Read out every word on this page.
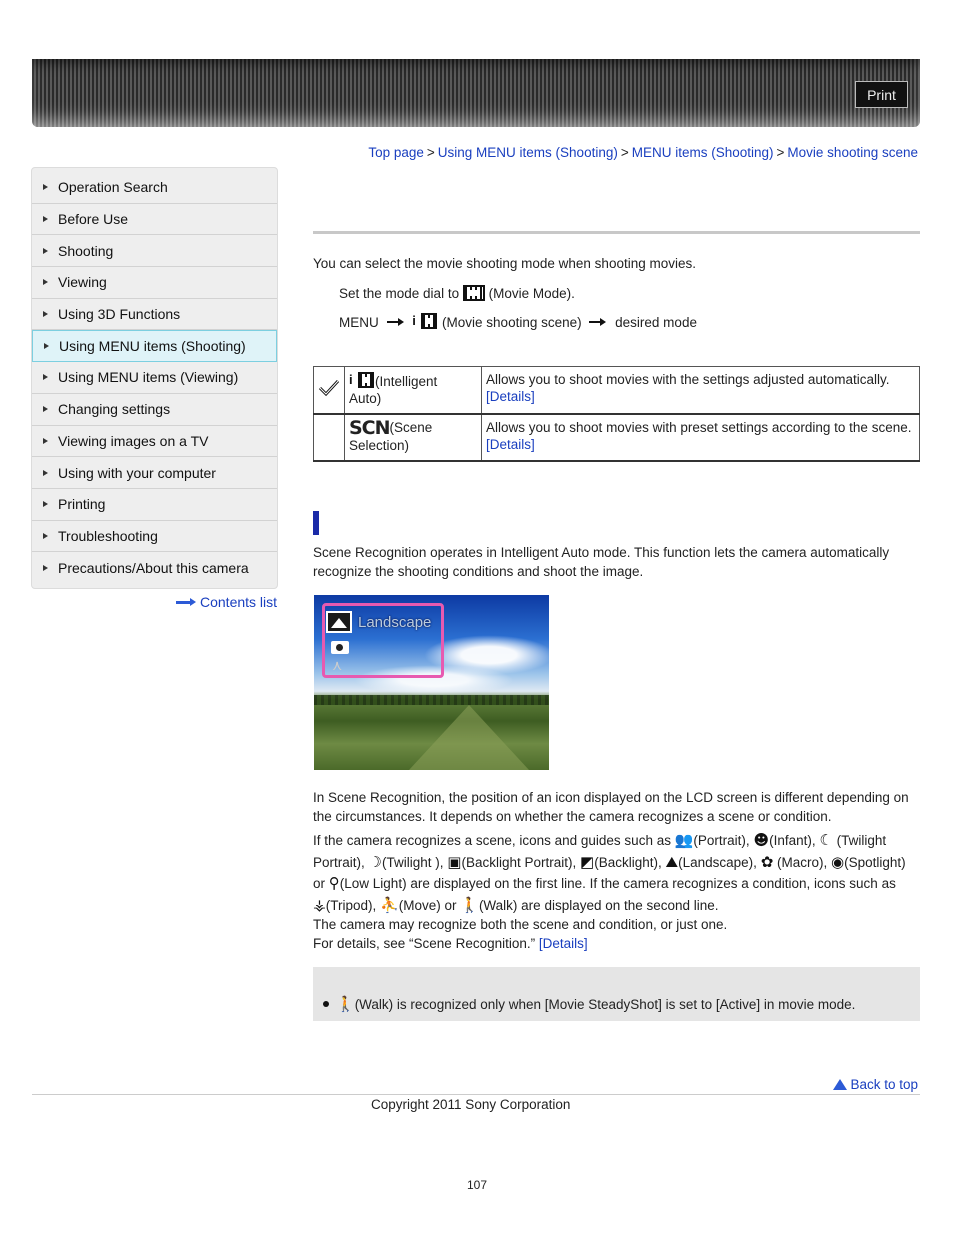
Print
Top page > Using MENU items (Shooting) > MENU items (Shooting) > Movie shooting scene
Operation Search
Before Use
Shooting
Viewing
Using 3D Functions
Using MENU items (Shooting)
Using MENU items (Viewing)
Changing settings
Viewing images on a TV
Using with your computer
Printing
Troubleshooting
Precautions/About this camera
Contents list
You can select the movie shooting mode when shooting movies.
Set the mode dial to (Movie Mode).
MENU	i (Movie shooting scene) desired mode

i (Intelligent
Auto)	Allows you to shoot movies with the settings adjusted automatically.
[Details]
	SCN(Scene
Selection)	Allows you to shoot movies with preset settings according to the scene. [Details]
Scene Recognition operates in Intelligent Auto mode. This function lets the camera automatically recognize the shooting conditions and shoot the image.
Landscape
⋏
In Scene Recognition, the position of an icon displayed on the LCD screen is different depending on the circumstances. It depends on whether the camera recognizes a scene or condition.
If the camera recognizes a scene, icons and guides such as 👥(Portrait), ☻(Infant), ☾ (Twilight Portrait), ☽(Twilight ), ▣(Backlight Portrait), ◩(Backlight), ⛰(Landscape), ✿ (Macro), ◉(Spotlight) or ⚲(Low Light) are displayed on the first line. If the camera recognizes a condition, icons such as ⚶(Tripod), ⛹(Move) or 🚶(Walk) are displayed on the second line.
The camera may recognize both the scene and condition, or just one.
For details, see “Scene Recognition.” [Details]
🚶 (Walk) is recognized only when [Movie SteadyShot] is set to [Active] in movie mode.
Back to top
Copyright 2011 Sony Corporation
107
